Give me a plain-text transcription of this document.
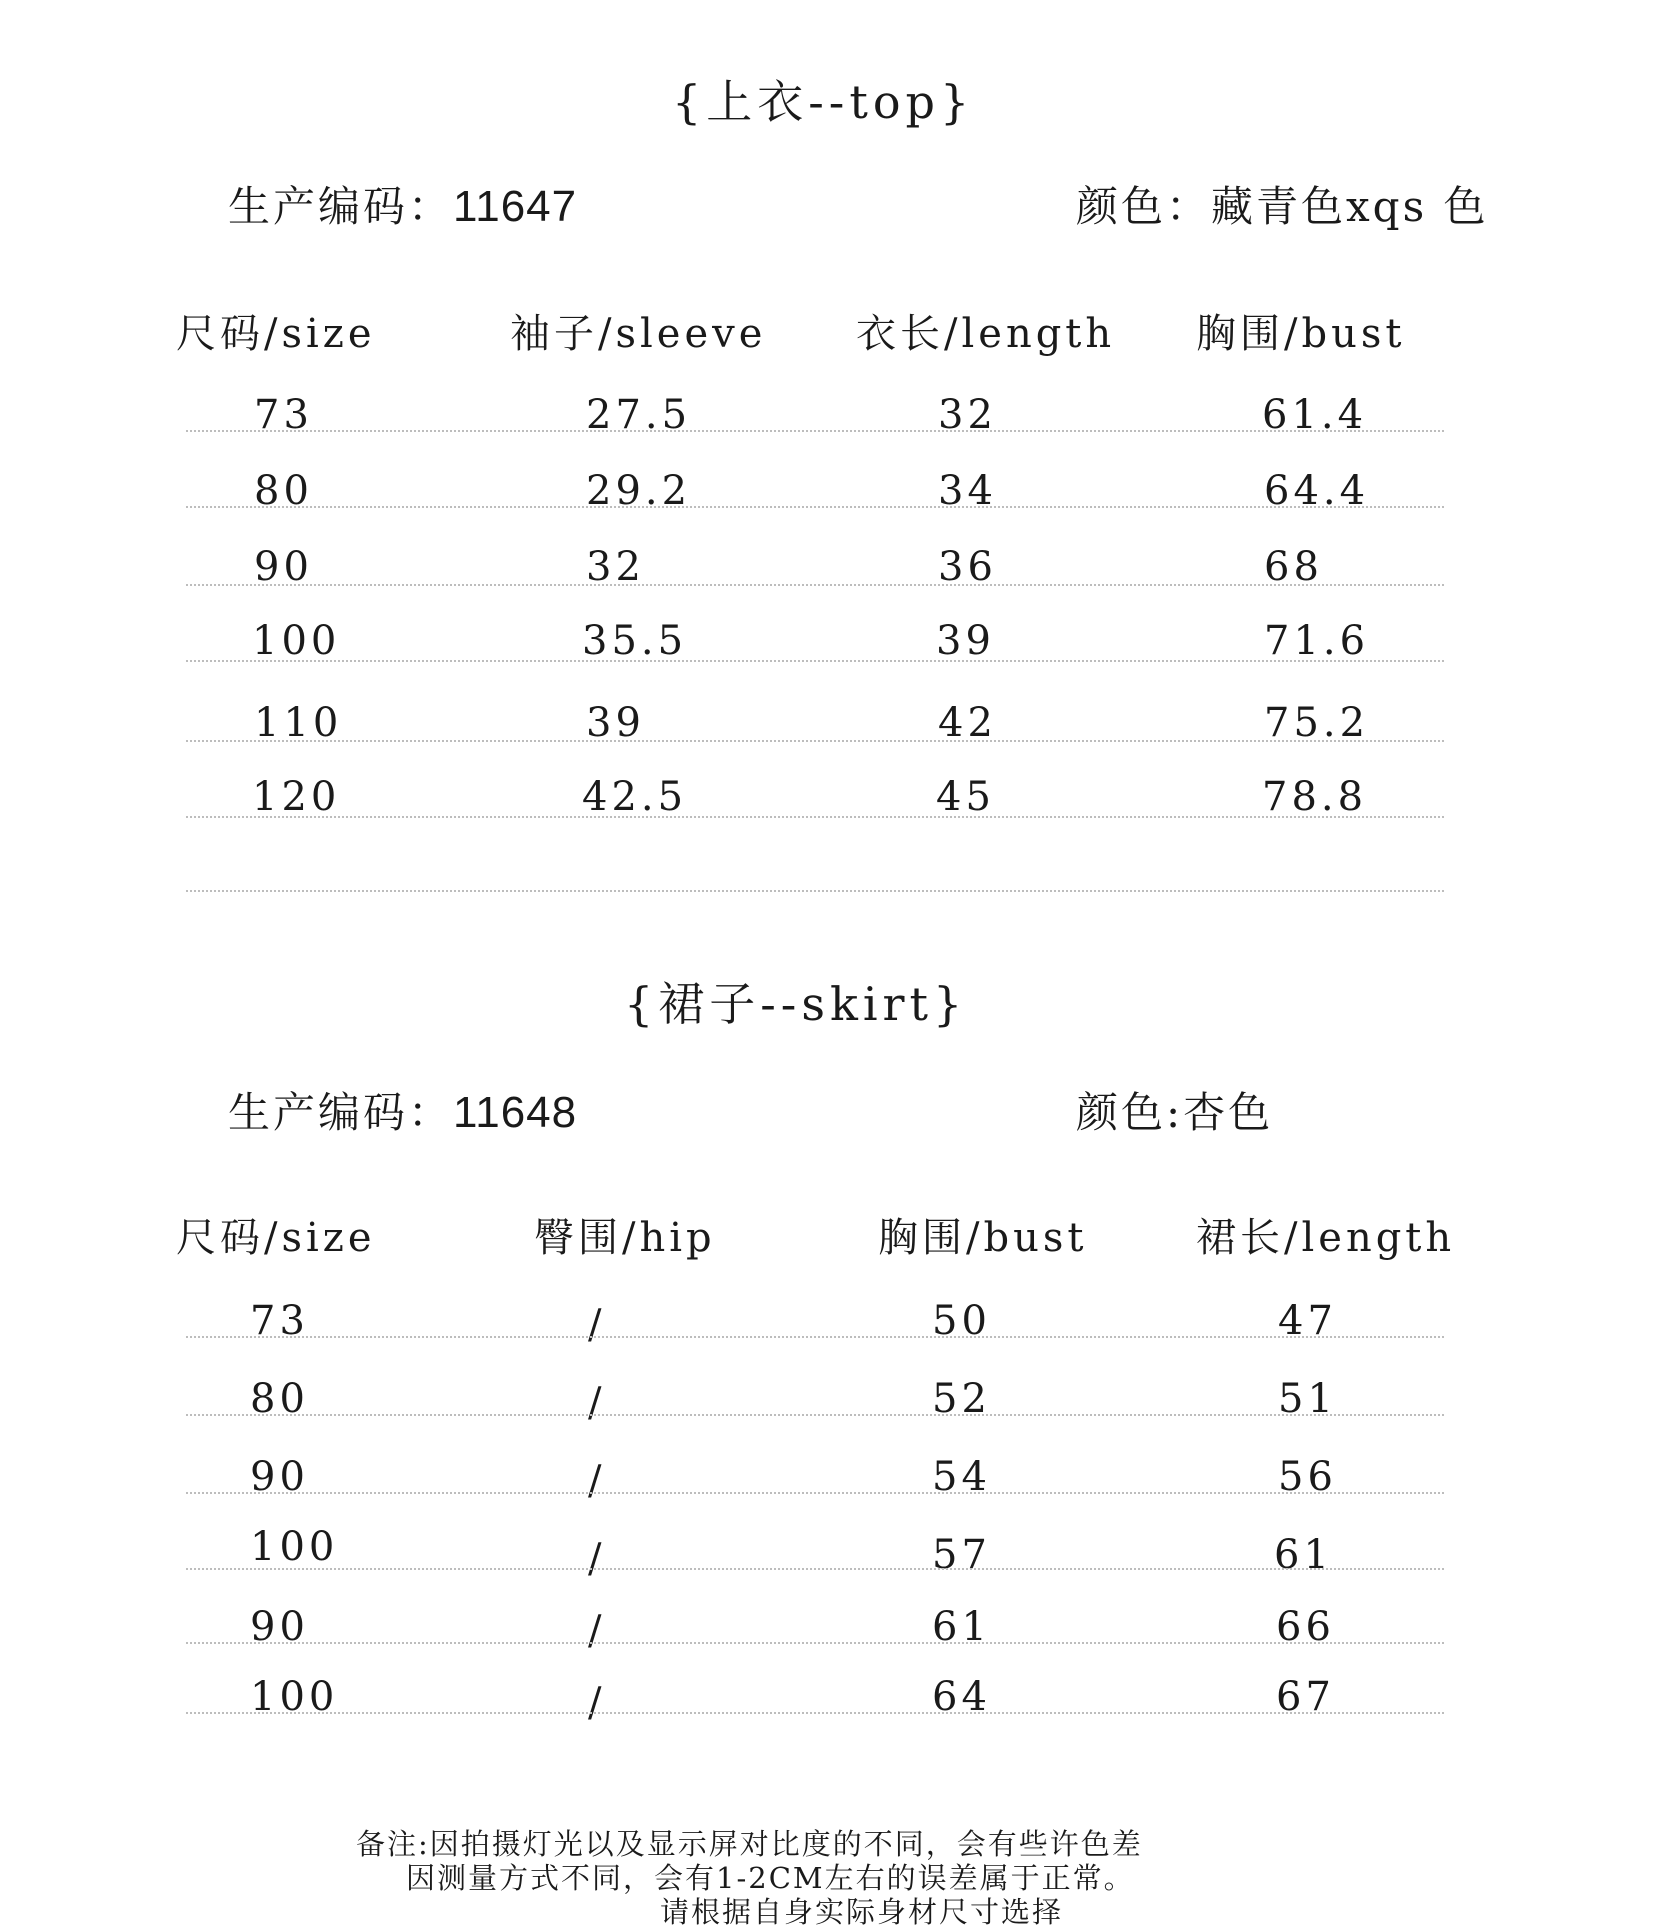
{上衣--top}
生产编码：11647	颜色：藏青色xqs 色
尺码/size	袖子/sleeve 衣长/length 胸围/bust
73	27.5	32	61.4
80	29.2	34	64.4
90	32	36	68
100	35.5	39	71.6
110	39	42	75.2
120	42.5	45	78.8
{裙子--skirt}
生产编码：11648	颜色:杏色
尺码/size	臀围/hip	胸围/bust	裙长/length
73	/	50	47
80	/	52	51
90	/	54	56
100	/	57	61
90	/	61	66
100	/	64	67
备注:因拍摄灯光以及显示屏对比度的不同，会有些许色差
因测量方式不同，会有1-2CM左右的误差属于正常。
请根据自身实际身材尺寸选择
